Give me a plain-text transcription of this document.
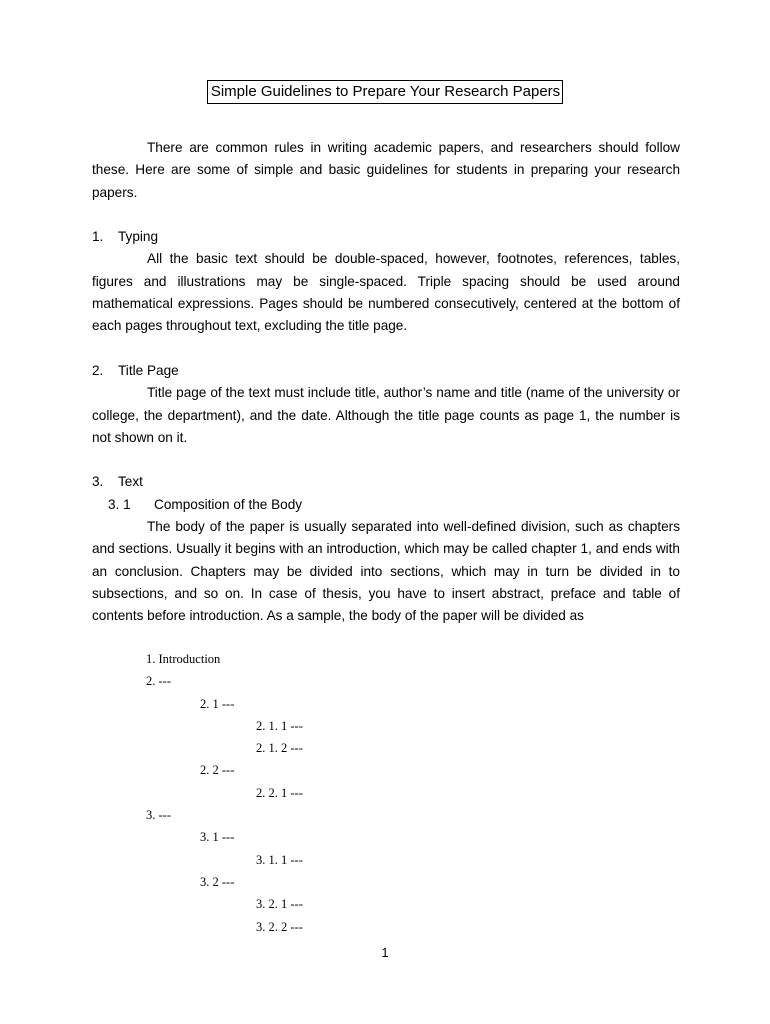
Simple Guidelines to Prepare Your Research Papers

There are common rules in writing academic papers, and researchers should follow these. Here are some of simple and basic guidelines for students in preparing your research papers.

1. Typing

All the basic text should be double-spaced, however, footnotes, references, tables, figures and illustrations may be single-spaced. Triple spacing should be used around mathematical expressions. Pages should be numbered consecutively, centered at the bottom of each pages throughout text, excluding the title page.

2. Title Page

Title page of the text must include title, author’s name and title (name of the university or college, the department), and the date. Although the title page counts as page 1, the number is not shown on it.

3. Text

3. 1 Composition of the Body

The body of the paper is usually separated into well-defined division, such as chapters and sections. Usually it begins with an introduction, which may be called chapter 1, and ends with an conclusion. Chapters may be divided into sections, which may in turn be divided in to subsections, and so on. In case of thesis, you have to insert abstract, preface and table of contents before introduction. As a sample, the body of the paper will be divided as

1. Introduction
2. ---
2. 1 ---
2. 1. 1 ---
2. 1. 2 ---
2. 2 ---
2. 2. 1 ---
3. ---
3. 1 ---
3. 1. 1 ---
3. 2 ---
3. 2. 1 ---
3. 2. 2 ---
1
